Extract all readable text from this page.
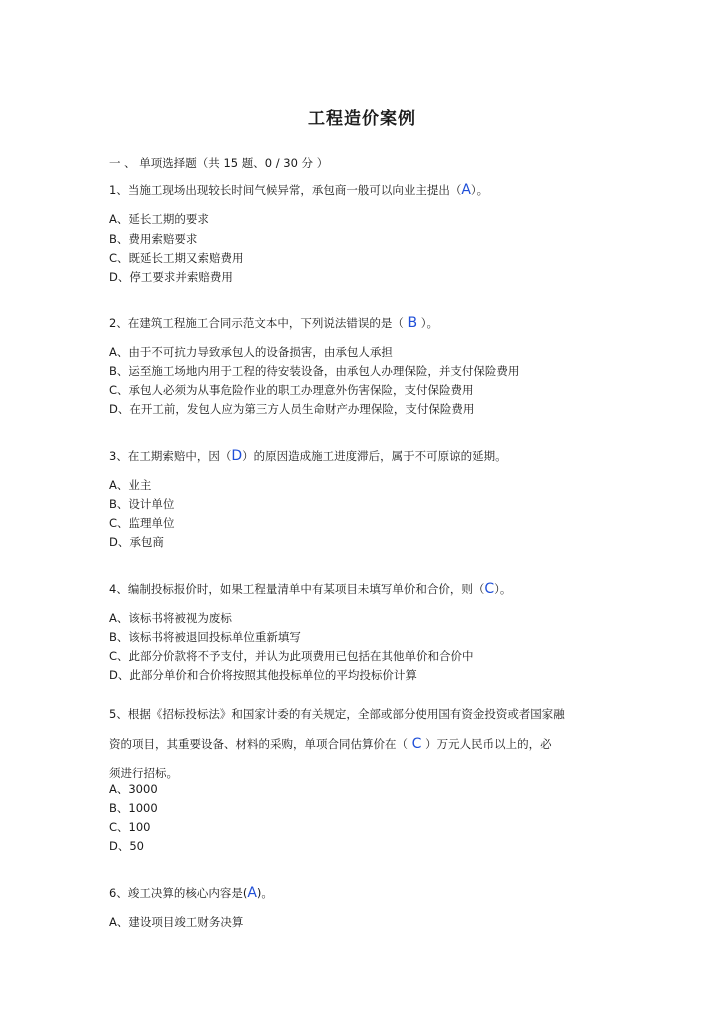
工程造价案例
一 、 单项选择题（共 15 题、0 / 30 分 ）
1、当施工现场出现较长时间气候异常，承包商一般可以向业主提出（A）。
A、延长工期的要求
B、费用索赔要求
C、既延长工期又索赔费用
D、停工要求并索赔费用
2、在建筑工程施工合同示范文本中，下列说法错误的是（ B ）。
A、由于不可抗力导致承包人的设备损害，由承包人承担
B、运至施工场地内用于工程的待安装设备，由承包人办理保险，并支付保险费用
C、承包人必须为从事危险作业的职工办理意外伤害保险，支付保险费用
D、在开工前，发包人应为第三方人员生命财产办理保险，支付保险费用
3、在工期索赔中，因（D）的原因造成施工进度滞后，属于不可原谅的延期。
A、业主
B、设计单位
C、监理单位
D、承包商
4、编制投标报价时，如果工程量清单中有某项目未填写单价和合价，则（C）。
A、该标书将被视为废标
B、该标书将被退回投标单位重新填写
C、此部分价款将不予支付，并认为此项费用已包括在其他单价和合价中
D、此部分单价和合价将按照其他投标单位的平均投标价计算
5、根据《招标投标法》和国家计委的有关规定，全部或部分使用国有资金投资或者国家融
资的项目，其重要设备、材料的采购，单项合同估算价在（ C ）万元人民币以上的，必
须进行招标。
A、3000
B、1000
C、100
D、50
6、竣工决算的核心内容是(A)。
A、建设项目竣工财务决算
